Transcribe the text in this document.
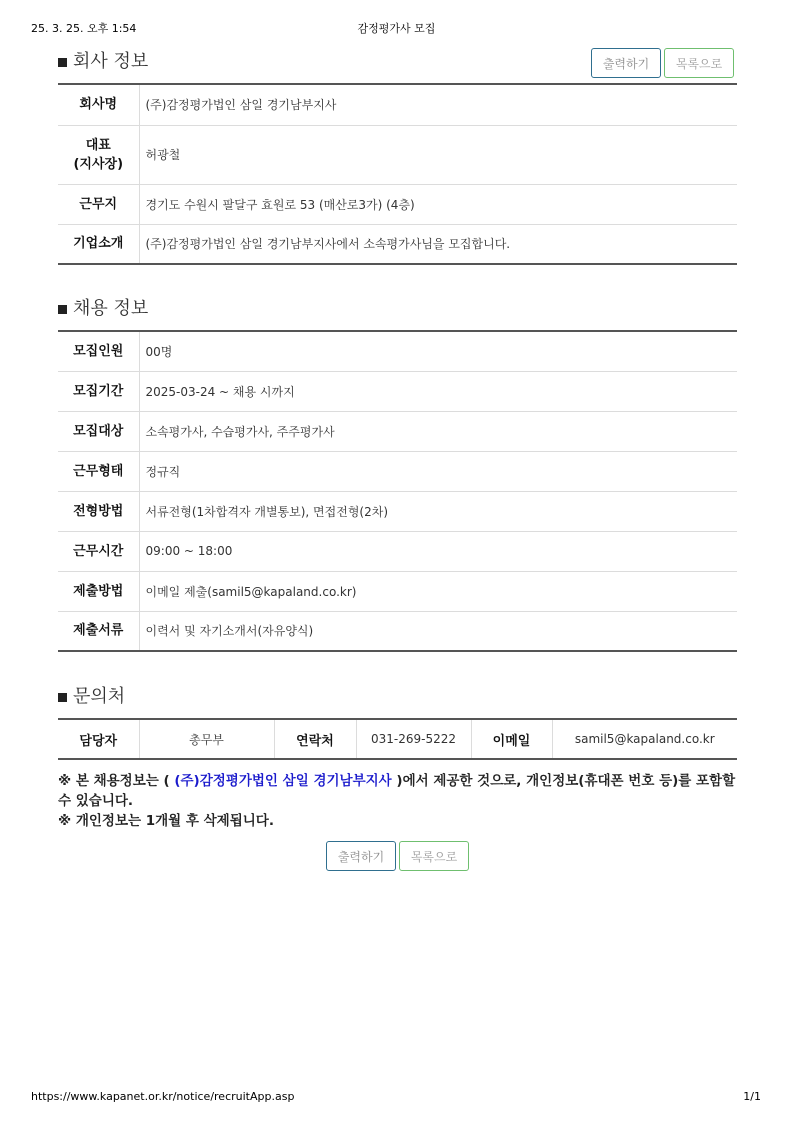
25. 3. 25. 오후 1:54	감정평가사 모집
회사 정보	출력하기	목록으로
회사명	(주)감정평가법인 삼일 경기남부지사
대표
(지사장)	허광철
근무지	경기도 수원시 팔달구 효원로 53 (매산로3가) (4층)
기업소개	(주)감정평가법인 삼일 경기남부지사에서 소속평가사님을 모집합니다.
채용 정보
모집인원	00명
모집기간	2025-03-24 ~ 채용 시까지
모집대상	소속평가사, 수습평가사, 주주평가사
근무형태	정규직
전형방법	서류전형(1차합격자 개별통보), 면접전형(2차)
근무시간	09:00 ~ 18:00
제출방법	이메일 제출(samil5@kapaland.co.kr)
제출서류	이력서 및 자기소개서(자유양식)
문의처
담당자	총무부	연락처	031-269-5222	이메일	samil5@kapaland.co.kr
※ 본 채용정보는 ( (주)감정평가법인 삼일 경기남부지사 )에서 제공한 것으로, 개인정보(휴대폰 번호 등)를 포함할 수 있습니다.
※ 개인정보는 1개월 후 삭제됩니다.
출력하기	목록으로
https://www.kapanet.or.kr/notice/recruitApp.asp	1/1
